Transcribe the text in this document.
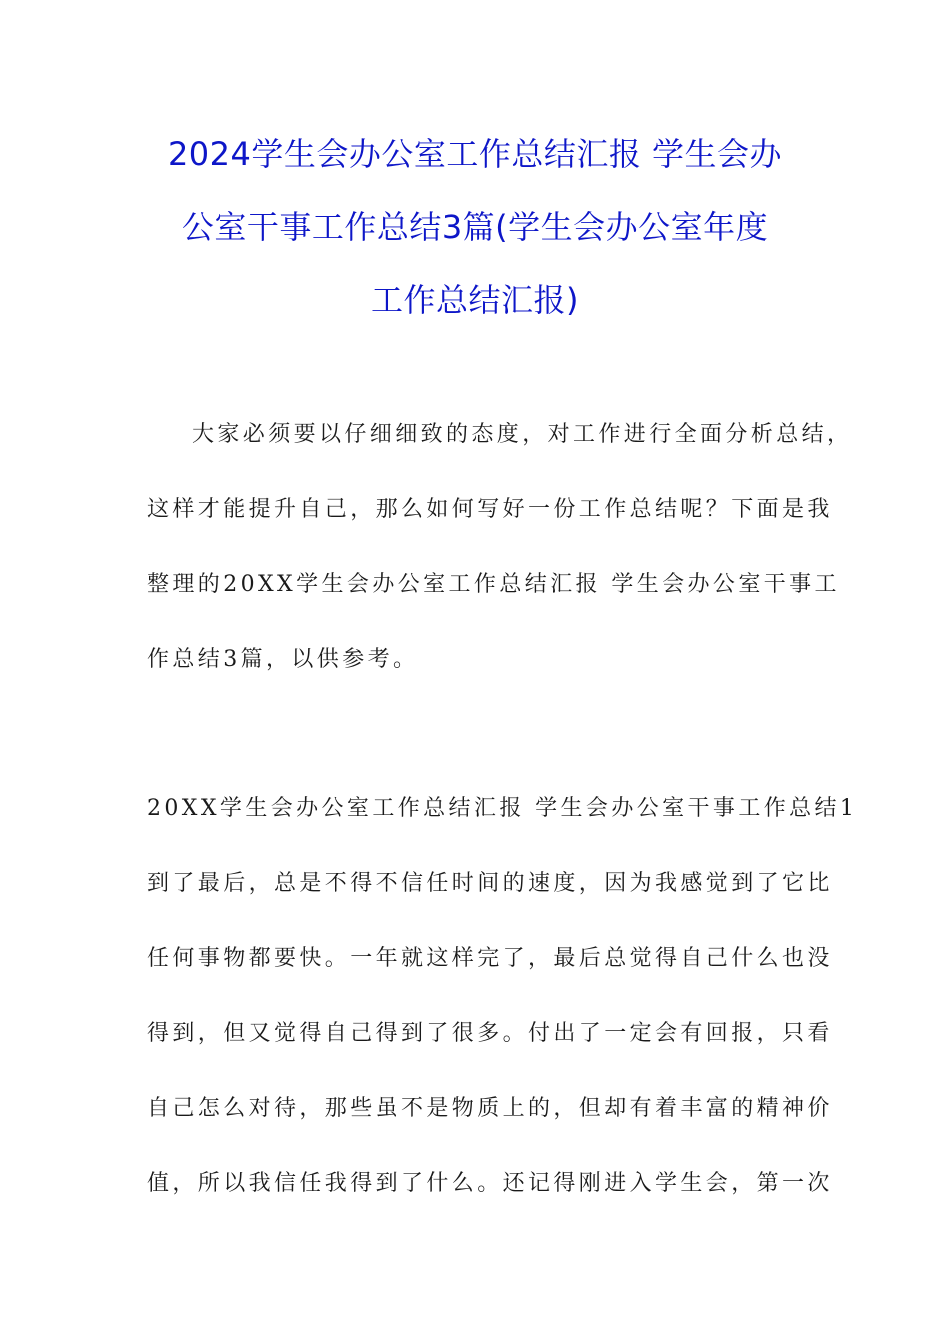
2024学生会办公室工作总结汇报 学生会办
公室干事工作总结3篇(学生会办公室年度
工作总结汇报)
大家必须要以仔细细致的态度，对工作进行全面分析总结，
这样才能提升自己，那么如何写好一份工作总结呢？下面是我
整理的20XX学生会办公室工作总结汇报 学生会办公室干事工
作总结3篇，以供参考。
20XX学生会办公室工作总结汇报 学生会办公室干事工作总结1
到了最后，总是不得不信任时间的速度，因为我感觉到了它比
任何事物都要快。一年就这样完了，最后总觉得自己什么也没
得到，但又觉得自己得到了很多。付出了一定会有回报，只看
自己怎么对待，那些虽不是物质上的，但却有着丰富的精神价
值，所以我信任我得到了什么。还记得刚进入学生会，第一次
